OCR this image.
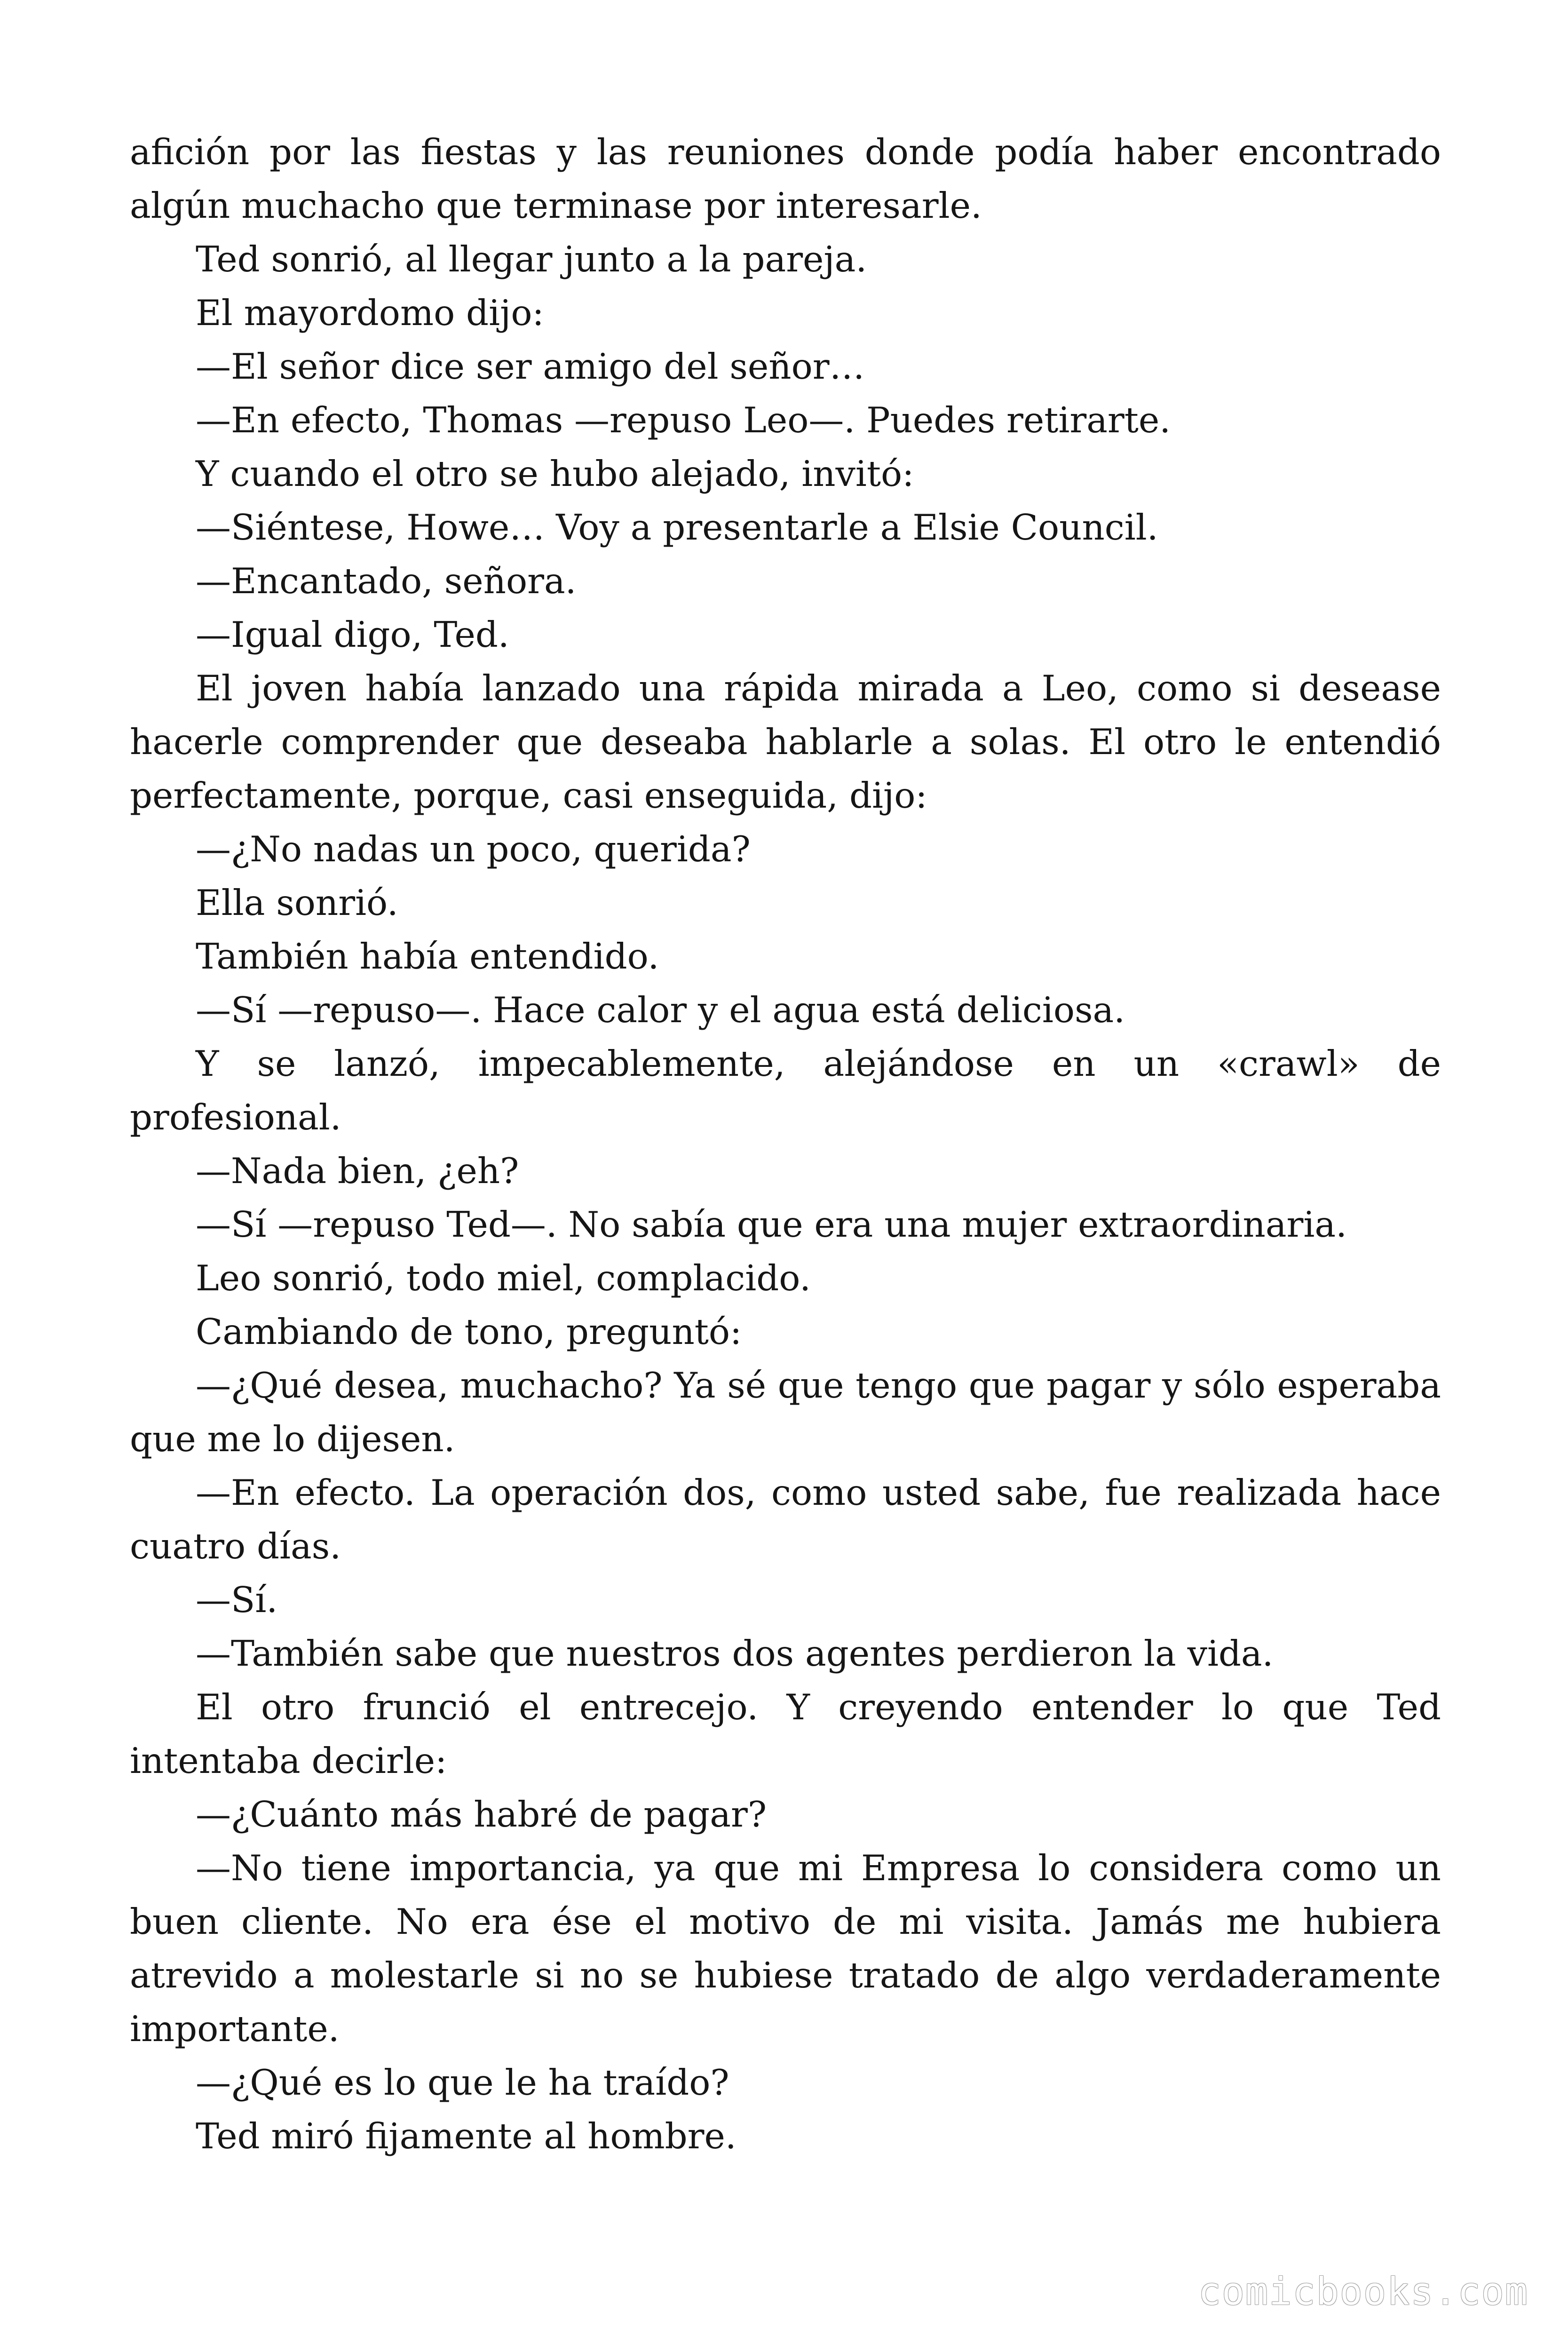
afición por las fiestas y las reuniones donde podía haber encontrado algún muchacho que terminase por interesarle.

Ted sonrió, al llegar junto a la pareja.

El mayordomo dijo:

—El señor dice ser amigo del señor…

—En efecto, Thomas —repuso Leo—. Puedes retirarte.

Y cuando el otro se hubo alejado, invitó:

—Siéntese, Howe… Voy a presentarle a Elsie Council.

—Encantado, señora.

—Igual digo, Ted.

El joven había lanzado una rápida mirada a Leo, como si desease hacerle comprender que deseaba hablarle a solas. El otro le entendió perfectamente, porque, casi enseguida, dijo:

—¿No nadas un poco, querida?

Ella sonrió.

También había entendido.

—Sí —repuso—. Hace calor y el agua está deliciosa.

Y se lanzó, impecablemente, alejándose en un «crawl» de profesional.

—Nada bien, ¿eh?

—Sí —repuso Ted—. No sabía que era una mujer extraordinaria.

Leo sonrió, todo miel, complacido.

Cambiando de tono, preguntó:

—¿Qué desea, muchacho? Ya sé que tengo que pagar y sólo esperaba que me lo dijesen.

—En efecto. La operación dos, como usted sabe, fue realizada hace cuatro días.

—Sí.

—También sabe que nuestros dos agentes perdieron la vida.

El otro frunció el entrecejo. Y creyendo entender lo que Ted intentaba decirle:

—¿Cuánto más habré de pagar?

—No tiene importancia, ya que mi Empresa lo considera como un buen cliente. No era ése el motivo de mi visita. Jamás me hubiera atrevido a molestarle si no se hubiese tratado de algo verdaderamente importante.

—¿Qué es lo que le ha traído?

Ted miró fijamente al hombre.

comicbooks.com
